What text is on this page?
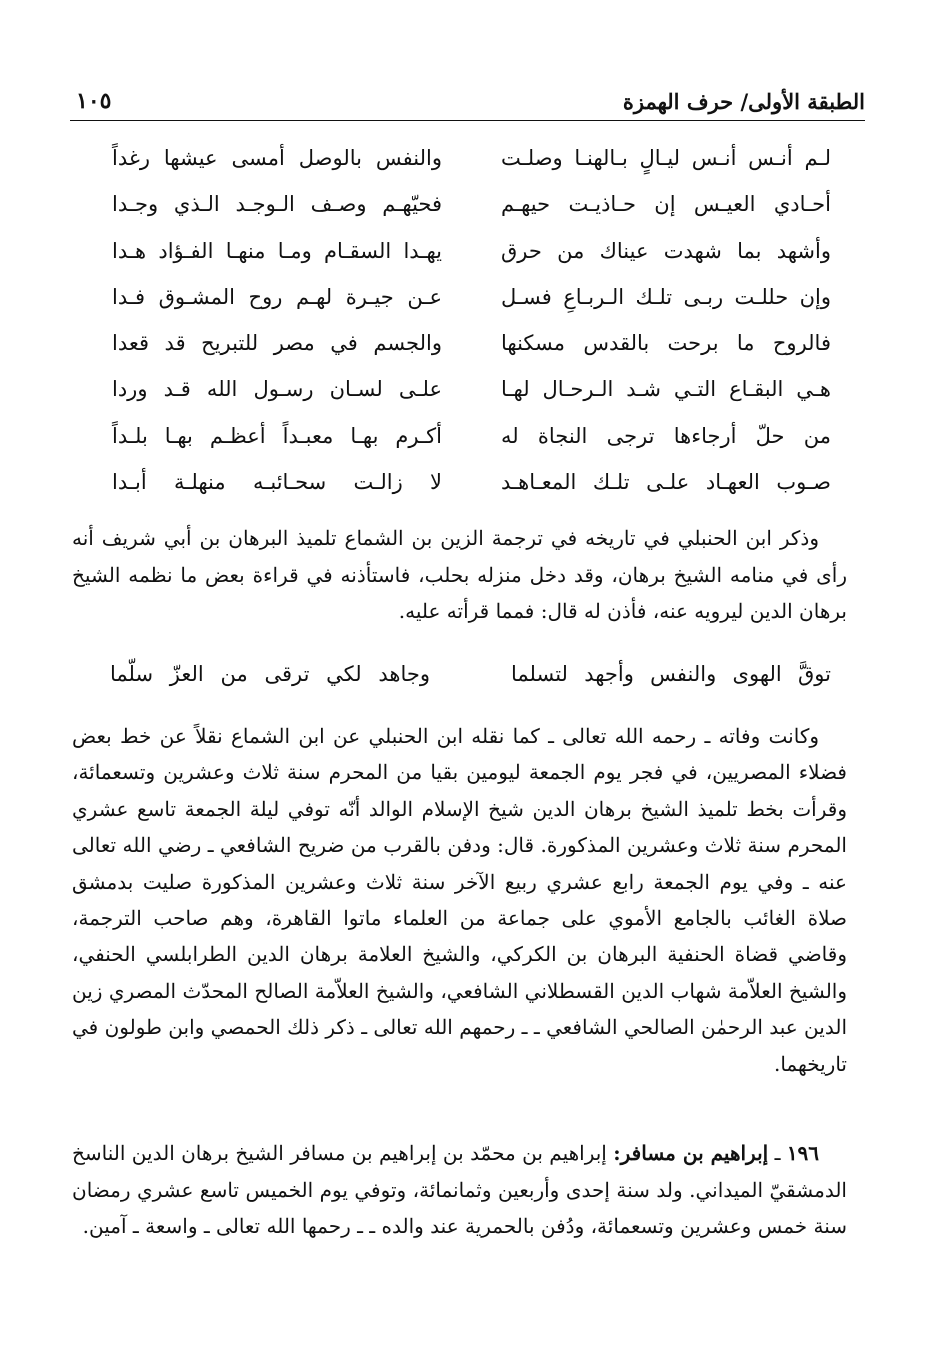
الطبقة الأولى/ حرف الهمزة
١٠٥
لـم أنـس أنـس ليـالٍ بـالهنـا وصلـت
والنفس بالوصل أمسى عيشها رغداً
أحـادي العيـس إن حـاذيـت حيهـم
فحيّهـم وصـف الـوجـد الـذي وجـدا
وأشهد بما شهدت عيناك من حرق
يهـدا السقـام ومـا منهـا الفـؤاد هـدا
وإن حللـت ربـى تلـك الـربـاعِ فسـل
عـن جيـرة لهـم روح المشـوق فـدا
فالروح ما برحت بالقدس مسكنها
والجسم في مصر للتبريح قد قعدا
هـي البقـاع التـي شـد الـرحـال لهـا
علـى لسـان رسـول الله قـد وردا
من حلّ أرجاءها ترجى النجاة له
أكـرم بهـا معبـداً أعظـم بهـا بلـداً
صـوب العهـاد علـى تلـك المعـاهـد
لا زالـت سحـائبـه منهلـة أبـدا

وذكر ابن الحنبلي في تاريخه في ترجمة الزين بن الشماع تلميذ البرهان بن أبي شريف أنه رأى في منامه الشيخ برهان، وقد دخل منزله بحلب، فاستأذنه في قراءة بعض ما نظمه الشيخ برهان الدين ليرويه عنه، فأذن له قال: فمما قرأته عليه.

توقَّ الهوى والنفس وأجهد لتسلما
وجاهد لكي ترقى من العزّ سلّما

وكانت وفاته ـ رحمه الله تعالى ـ كما نقله ابن الحنبلي عن ابن الشماع نقلاً عن خط بعض فضلاء المصريين، في فجر يوم الجمعة ليومين بقيا من المحرم سنة ثلاث وعشرين وتسعمائة، وقرأت بخط تلميذ الشيخ برهان الدين شيخ الإسلام الوالد أنّه توفي ليلة الجمعة تاسع عشري المحرم سنة ثلاث وعشرين المذكورة. قال: ودفن بالقرب من ضريح الشافعي ـ رضي الله تعالى عنه ـ وفي يوم الجمعة رابع عشري ربيع الآخر سنة ثلاث وعشرين المذكورة صليت بدمشق صلاة الغائب بالجامع الأموي على جماعة من العلماء ماتوا القاهرة، وهم صاحب الترجمة، وقاضي قضاة الحنفية البرهان بن الكركي، والشيخ العلامة برهان الدين الطرابلسي الحنفي، والشيخ العلاّمة شهاب الدين القسطلاني الشافعي، والشيخ العلاّمة الصالح المحدّث المصري زين الدين عبد الرحمٰن الصالحي الشافعي ـ ـ رحمهم الله تعالى ـ ذكر ذلك الحمصي وابن طولون في تاريخهما.

١٩٦ ـ إبراهيم بن مسافر: إبراهيم بن محمّد بن إبراهيم بن مسافر الشيخ برهان الدين الناسخ الدمشقيّ الميداني. ولد سنة إحدى وأربعين وثمانمائة، وتوفي يوم الخميس تاسع عشري رمضان سنة خمس وعشرين وتسعمائة، ودُفن بالحمرية عند والده ـ ـ رحمها الله تعالى ـ واسعة ـ آمين.
